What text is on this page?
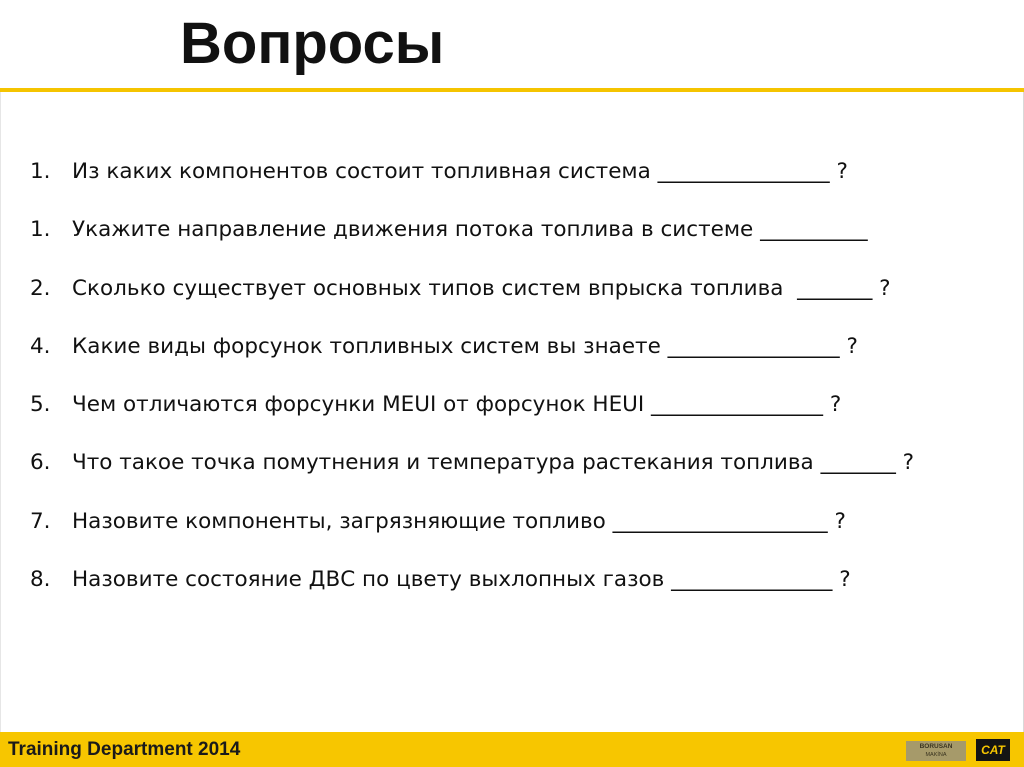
Вопросы
1. Из каких компонентов состоит топливная система ________________ ?
1. Укажите направление движения потока топлива в системе __________
2. Сколько существует основных типов систем впрыска топлива  _______ ?
4. Какие виды форсунок топливных систем вы знаете ________________ ?
5. Чем отличаются форсунки MEUI от форсунок HEUI ________________ ?
6. Что такое точка помутнения и температура растекания топлива _______ ?
7. Назовите компоненты, загрязняющие топливо ____________________ ?
8. Назовите состояние ДВС по цвету выхлопных газов _______________ ?
Training Department 2014	BORUSAN
MAKİNA	CAT
